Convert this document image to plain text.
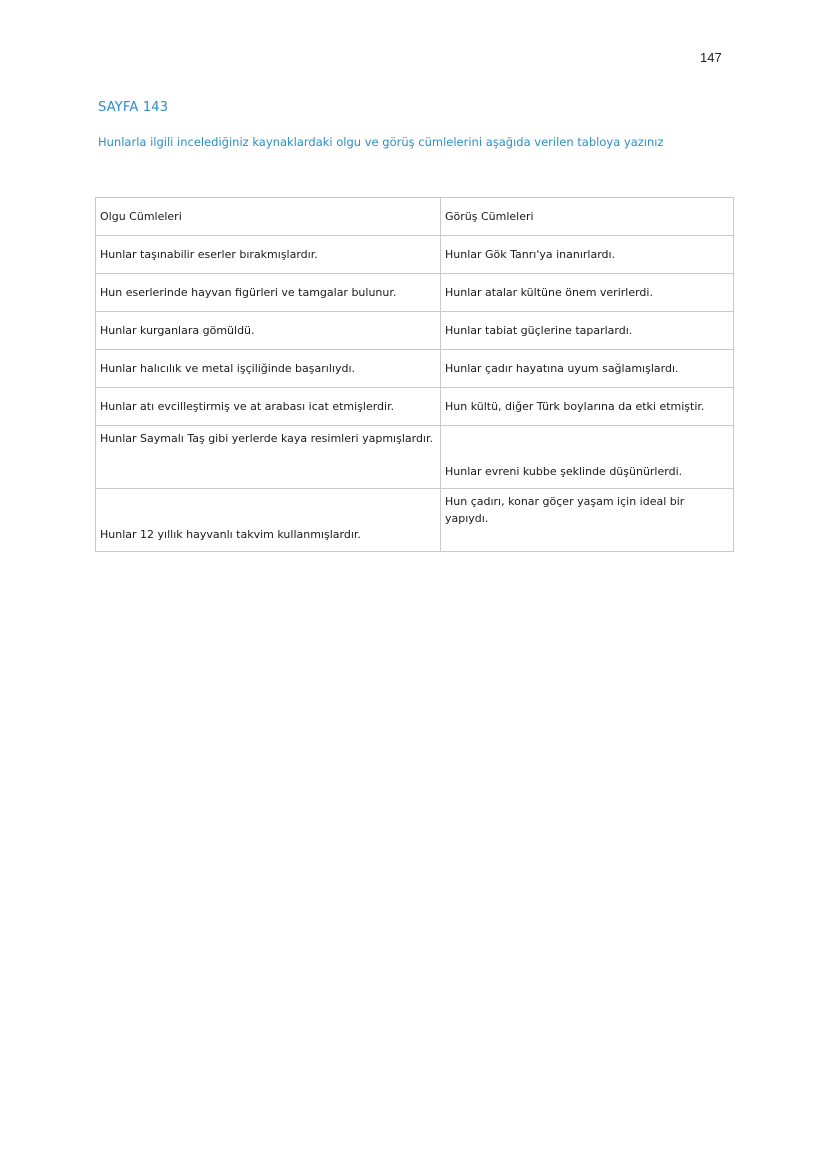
147
SAYFA 143
Hunlarla ilgili incelediğiniz kaynaklardaki olgu ve görüş cümlelerini aşağıda verilen tabloya yazınız
Olgu Cümleleri	Görüş Cümleleri
Hunlar taşınabilir eserler bırakmışlardır.	Hunlar Gök Tanrı'ya inanırlardı.
Hun eserlerinde hayvan figürleri ve tamgalar bulunur.	Hunlar atalar kültüne önem verirlerdi.
Hunlar kurganlara gömüldü.	Hunlar tabiat güçlerine taparlardı.
Hunlar halıcılık ve metal işçiliğinde başarılıydı.	Hunlar çadır hayatına uyum sağlamışlardı.
Hunlar atı evcilleştirmiş ve at arabası icat etmişlerdir.	Hun kültü, diğer Türk boylarına da etki etmiştir.
Hunlar Saymalı Taş gibi yerlerde kaya resimleri yapmışlardır.	Hunlar evreni kubbe şeklinde düşünürlerdi.
Hunlar 12 yıllık hayvanlı takvim kullanmışlardır.	Hun çadırı, konar göçer yaşam için ideal bir yapıydı.
